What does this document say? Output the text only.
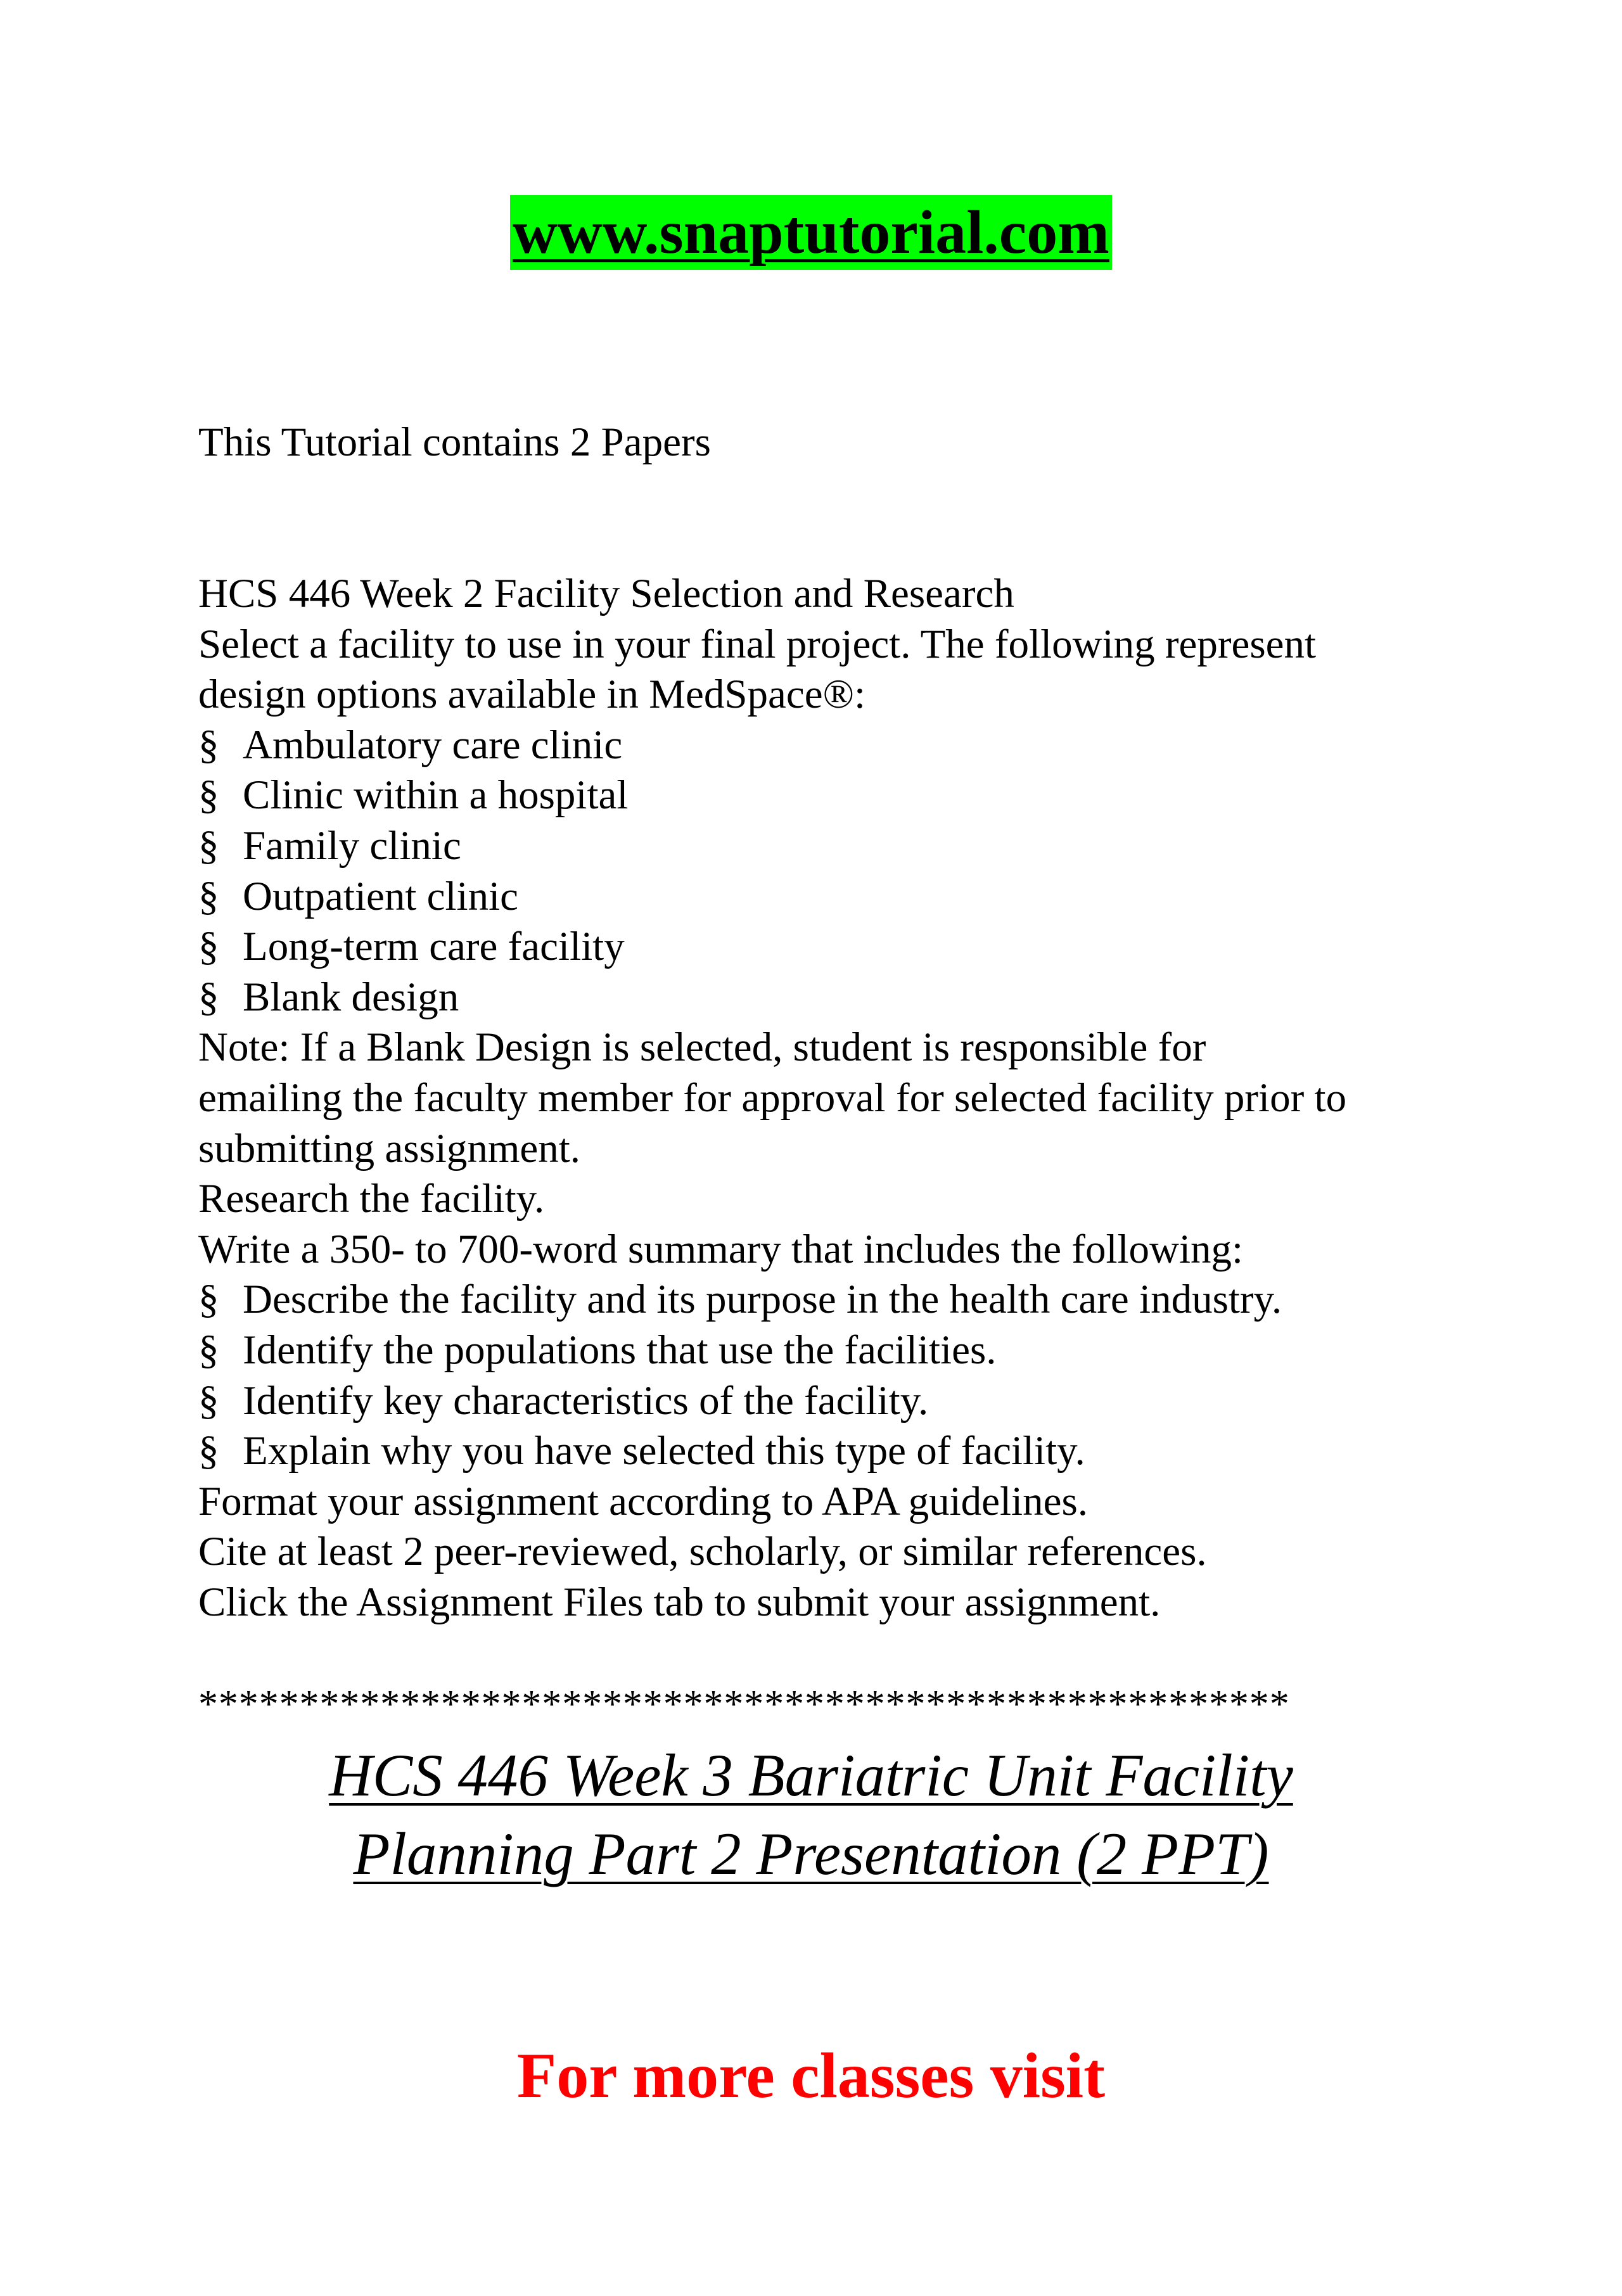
www.snaptutorial.com
This Tutorial contains 2 Papers
HCS 446 Week 2 Facility Selection and Research
Select a facility to use in your final project. The following represent
design options available in MedSpace®:
§ Ambulatory care clinic
§ Clinic within a hospital
§ Family clinic
§ Outpatient clinic
§ Long-term care facility
§ Blank design
Note: If a Blank Design is selected, student is responsible for
emailing the faculty member for approval for selected facility prior to
submitting assignment.
Research the facility.
Write a 350- to 700-word summary that includes the following:
§ Describe the facility and its purpose in the health care industry.
§ Identify the populations that use the facilities.
§ Identify key characteristics of the facility.
§ Explain why you have selected this type of facility.
Format your assignment according to APA guidelines.
Cite at least 2 peer-reviewed, scholarly, or similar references.
Click the Assignment Files tab to submit your assignment.
******************************************************
HCS 446 Week 3 Bariatric Unit Facility
Planning Part 2 Presentation (2 PPT)
For more classes visit
